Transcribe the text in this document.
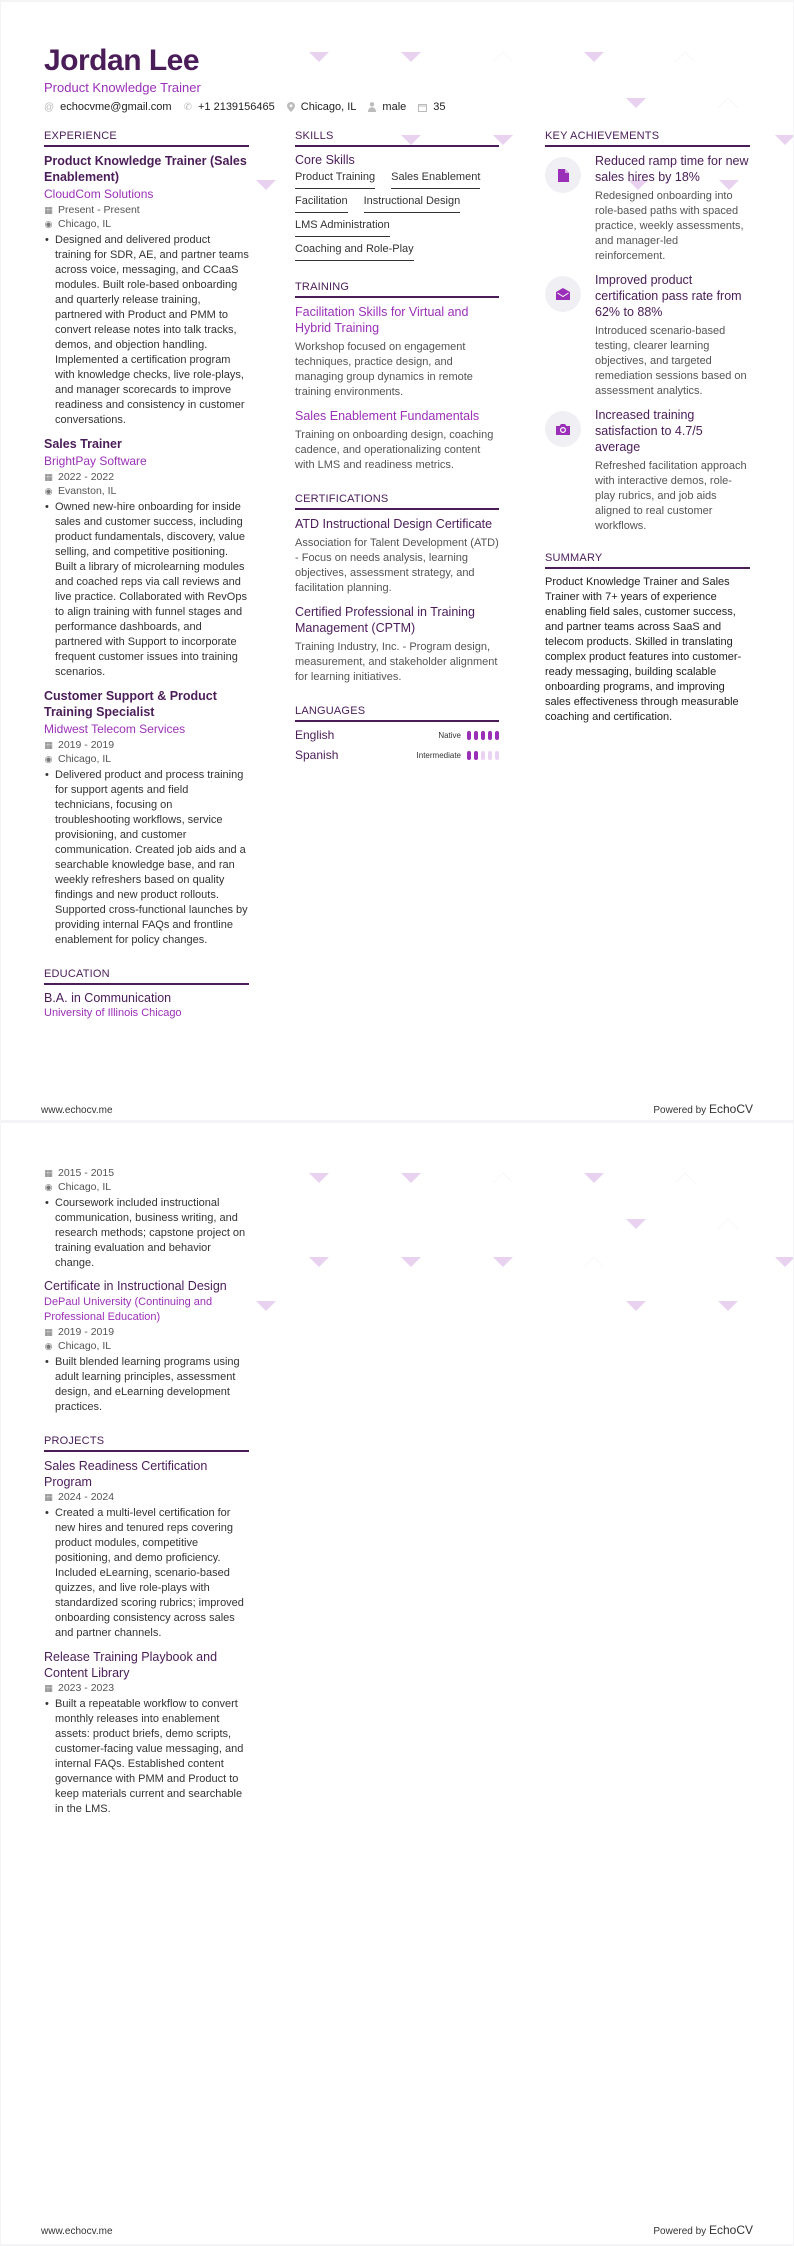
Jordan Lee
Product Knowledge Trainer
@ echocvme@gmail.com ✆ +1 2139156465 Chicago, IL male 35
EXPERIENCE
Product Knowledge Trainer (Sales Enablement)
CloudCom Solutions
▦ Present - Present
◉ Chicago, IL
• Designed and delivered product training for SDR, AE, and partner teams across voice, messaging, and CCaaS modules. Built role-based onboarding and quarterly release training, partnered with Product and PMM to convert release notes into talk tracks, demos, and objection handling. Implemented a certification program with knowledge checks, live role-plays, and manager scorecards to improve readiness and consistency in customer conversations.
Sales Trainer
BrightPay Software
▦ 2022 - 2022
◉ Evanston, IL
• Owned new-hire onboarding for inside sales and customer success, including product fundamentals, discovery, value selling, and competitive positioning. Built a library of microlearning modules and coached reps via call reviews and live practice. Collaborated with RevOps to align training with funnel stages and performance dashboards, and partnered with Support to incorporate frequent customer issues into training scenarios.
Customer Support & Product Training Specialist
Midwest Telecom Services
▦ 2019 - 2019
◉ Chicago, IL
• Delivered product and process training for support agents and field technicians, focusing on troubleshooting workflows, service provisioning, and customer communication. Created job aids and a searchable knowledge base, and ran weekly refreshers based on quality findings and new product rollouts. Supported cross-functional launches by providing internal FAQs and frontline enablement for policy changes.
EDUCATION
B.A. in Communication
University of Illinois Chicago
SKILLS
Core Skills
Product Training Sales Enablement
Facilitation Instructional Design
LMS Administration
Coaching and Role-Play
TRAINING
Facilitation Skills for Virtual and Hybrid Training
Workshop focused on engagement techniques, practice design, and managing group dynamics in remote training environments.
Sales Enablement Fundamentals
Training on onboarding design, coaching cadence, and operationalizing content with LMS and readiness metrics.
CERTIFICATIONS
ATD Instructional Design Certificate
Association for Talent Development (ATD) - Focus on needs analysis, learning objectives, assessment strategy, and facilitation planning.
Certified Professional in Training Management (CPTM)
Training Industry, Inc. - Program design, measurement, and stakeholder alignment for learning initiatives.
LANGUAGES
English	Native
Spanish	Intermediate
KEY ACHIEVEMENTS
Reduced ramp time for new sales hires by 18%
Redesigned onboarding into role-based paths with spaced practice, weekly assessments, and manager-led reinforcement.
Improved product certification pass rate from 62% to 88%
Introduced scenario-based testing, clearer learning objectives, and targeted remediation sessions based on assessment analytics.
Increased training satisfaction to 4.7/5 average
Refreshed facilitation approach with interactive demos, role-play rubrics, and job aids aligned to real customer workflows.
SUMMARY
Product Knowledge Trainer and Sales Trainer with 7+ years of experience enabling field sales, customer success, and partner teams across SaaS and telecom products. Skilled in translating complex product features into customer-ready messaging, building scalable onboarding programs, and improving sales effectiveness through measurable coaching and certification.
www.echocv.me	Powered by EchoCV
▦ 2015 - 2015
◉ Chicago, IL
• Coursework included instructional communication, business writing, and research methods; capstone project on training evaluation and behavior change.
Certificate in Instructional Design
DePaul University (Continuing and Professional Education)
▦ 2019 - 2019
◉ Chicago, IL
• Built blended learning programs using adult learning principles, assessment design, and eLearning development practices.
PROJECTS
Sales Readiness Certification Program
▦ 2024 - 2024
• Created a multi-level certification for new hires and tenured reps covering product modules, competitive positioning, and demo proficiency. Included eLearning, scenario-based quizzes, and live role-plays with standardized scoring rubrics; improved onboarding consistency across sales and partner channels.
Release Training Playbook and Content Library
▦ 2023 - 2023
• Built a repeatable workflow to convert monthly releases into enablement assets: product briefs, demo scripts, customer-facing value messaging, and internal FAQs. Established content governance with PMM and Product to keep materials current and searchable in the LMS.
www.echocv.me	Powered by EchoCV
